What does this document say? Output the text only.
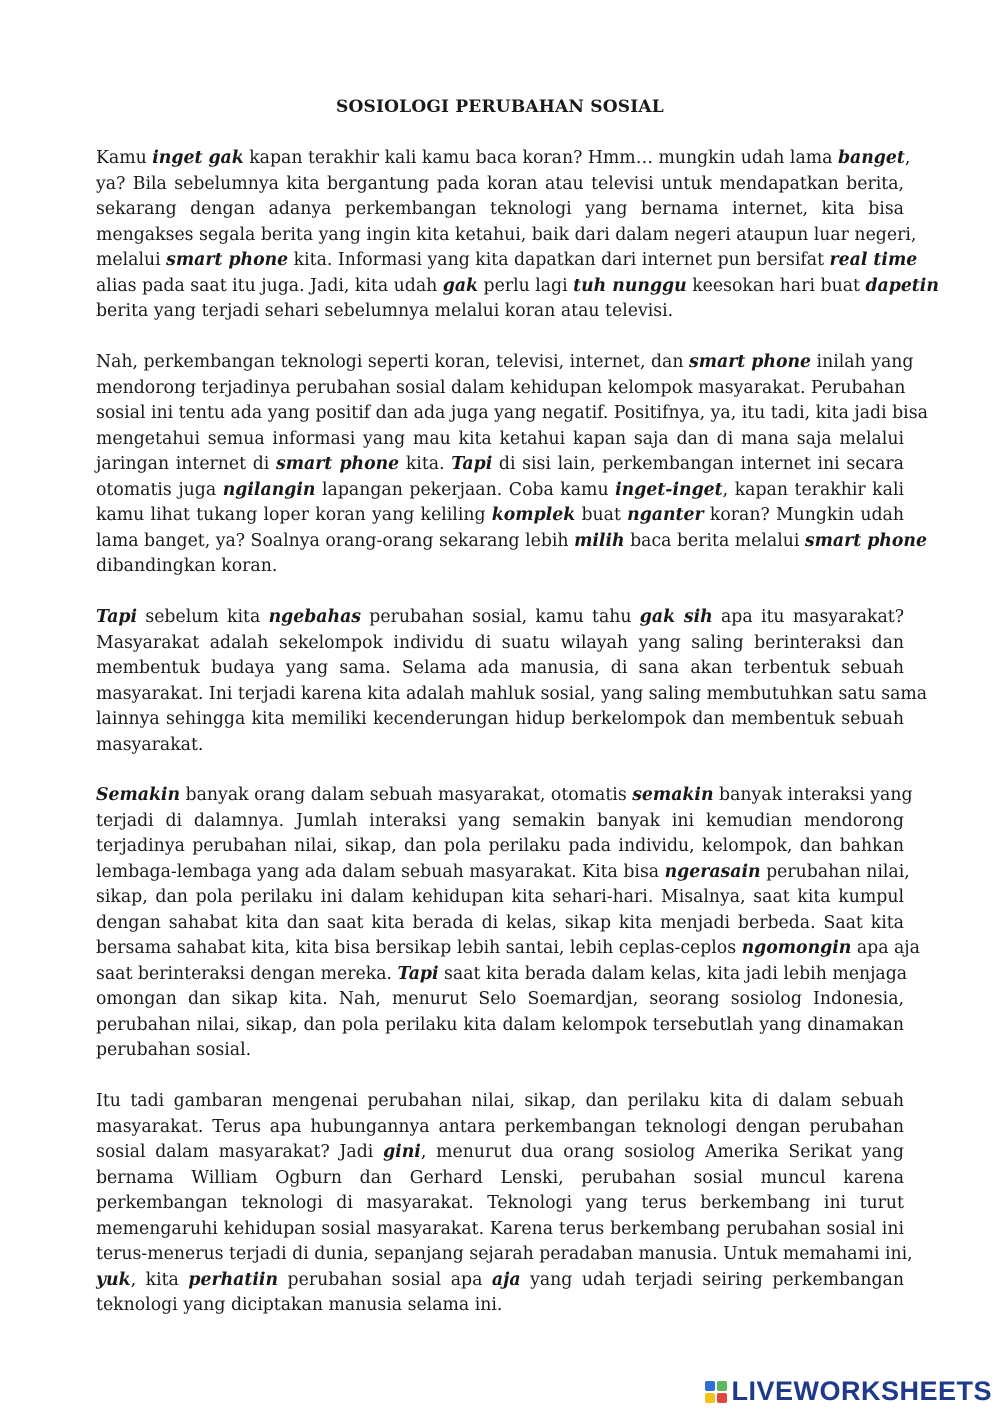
SOSIOLOGI PERUBAHAN SOSIAL
Kamu inget gak kapan terakhir kali kamu baca koran? Hmm… mungkin udah lama banget,
ya? Bila sebelumnya kita bergantung pada koran atau televisi untuk mendapatkan berita,
sekarang dengan adanya perkembangan teknologi yang bernama internet, kita bisa
mengakses segala berita yang ingin kita ketahui, baik dari dalam negeri ataupun luar negeri,
melalui smart phone kita. Informasi yang kita dapatkan dari internet pun bersifat real time
alias pada saat itu juga. Jadi, kita udah gak perlu lagi tuh nunggu keesokan hari buat dapetin
berita yang terjadi sehari sebelumnya melalui koran atau televisi.
Nah, perkembangan teknologi seperti koran, televisi, internet, dan smart phone inilah yang
mendorong terjadinya perubahan sosial dalam kehidupan kelompok masyarakat. Perubahan
sosial ini tentu ada yang positif dan ada juga yang negatif. Positifnya, ya, itu tadi, kita jadi bisa
mengetahui semua informasi yang mau kita ketahui kapan saja dan di mana saja melalui
jaringan internet di smart phone kita. Tapi di sisi lain, perkembangan internet ini secara
otomatis juga ngilangin lapangan pekerjaan. Coba kamu inget-inget, kapan terakhir kali
kamu lihat tukang loper koran yang keliling komplek buat nganter koran? Mungkin udah
lama banget, ya? Soalnya orang-orang sekarang lebih milih baca berita melalui smart phone
dibandingkan koran.
Tapi sebelum kita ngebahas perubahan sosial, kamu tahu gak sih apa itu masyarakat?
Masyarakat adalah sekelompok individu di suatu wilayah yang saling berinteraksi dan
membentuk budaya yang sama. Selama ada manusia, di sana akan terbentuk sebuah
masyarakat. Ini terjadi karena kita adalah mahluk sosial, yang saling membutuhkan satu sama
lainnya sehingga kita memiliki kecenderungan hidup berkelompok dan membentuk sebuah
masyarakat.
Semakin banyak orang dalam sebuah masyarakat, otomatis semakin banyak interaksi yang
terjadi di dalamnya. Jumlah interaksi yang semakin banyak ini kemudian mendorong
terjadinya perubahan nilai, sikap, dan pola perilaku pada individu, kelompok, dan bahkan
lembaga-lembaga yang ada dalam sebuah masyarakat. Kita bisa ngerasain perubahan nilai,
sikap, dan pola perilaku ini dalam kehidupan kita sehari-hari. Misalnya, saat kita kumpul
dengan sahabat kita dan saat kita berada di kelas, sikap kita menjadi berbeda. Saat kita
bersama sahabat kita, kita bisa bersikap lebih santai, lebih ceplas-ceplos ngomongin apa aja
saat berinteraksi dengan mereka. Tapi saat kita berada dalam kelas, kita jadi lebih menjaga
omongan dan sikap kita. Nah, menurut Selo Soemardjan, seorang sosiolog Indonesia,
perubahan nilai, sikap, dan pola perilaku kita dalam kelompok tersebutlah yang dinamakan
perubahan sosial.
Itu tadi gambaran mengenai perubahan nilai, sikap, dan perilaku kita di dalam sebuah
masyarakat. Terus apa hubungannya antara perkembangan teknologi dengan perubahan
sosial dalam masyarakat? Jadi gini, menurut dua orang sosiolog Amerika Serikat yang
bernama William Ogburn dan Gerhard Lenski, perubahan sosial muncul karena
perkembangan teknologi di masyarakat. Teknologi yang terus berkembang ini turut
memengaruhi kehidupan sosial masyarakat. Karena terus berkembang perubahan sosial ini
terus-menerus terjadi di dunia, sepanjang sejarah peradaban manusia. Untuk memahami ini,
yuk, kita perhatiin perubahan sosial apa aja yang udah terjadi seiring perkembangan
teknologi yang diciptakan manusia selama ini.
LIVEWORKSHEETS
